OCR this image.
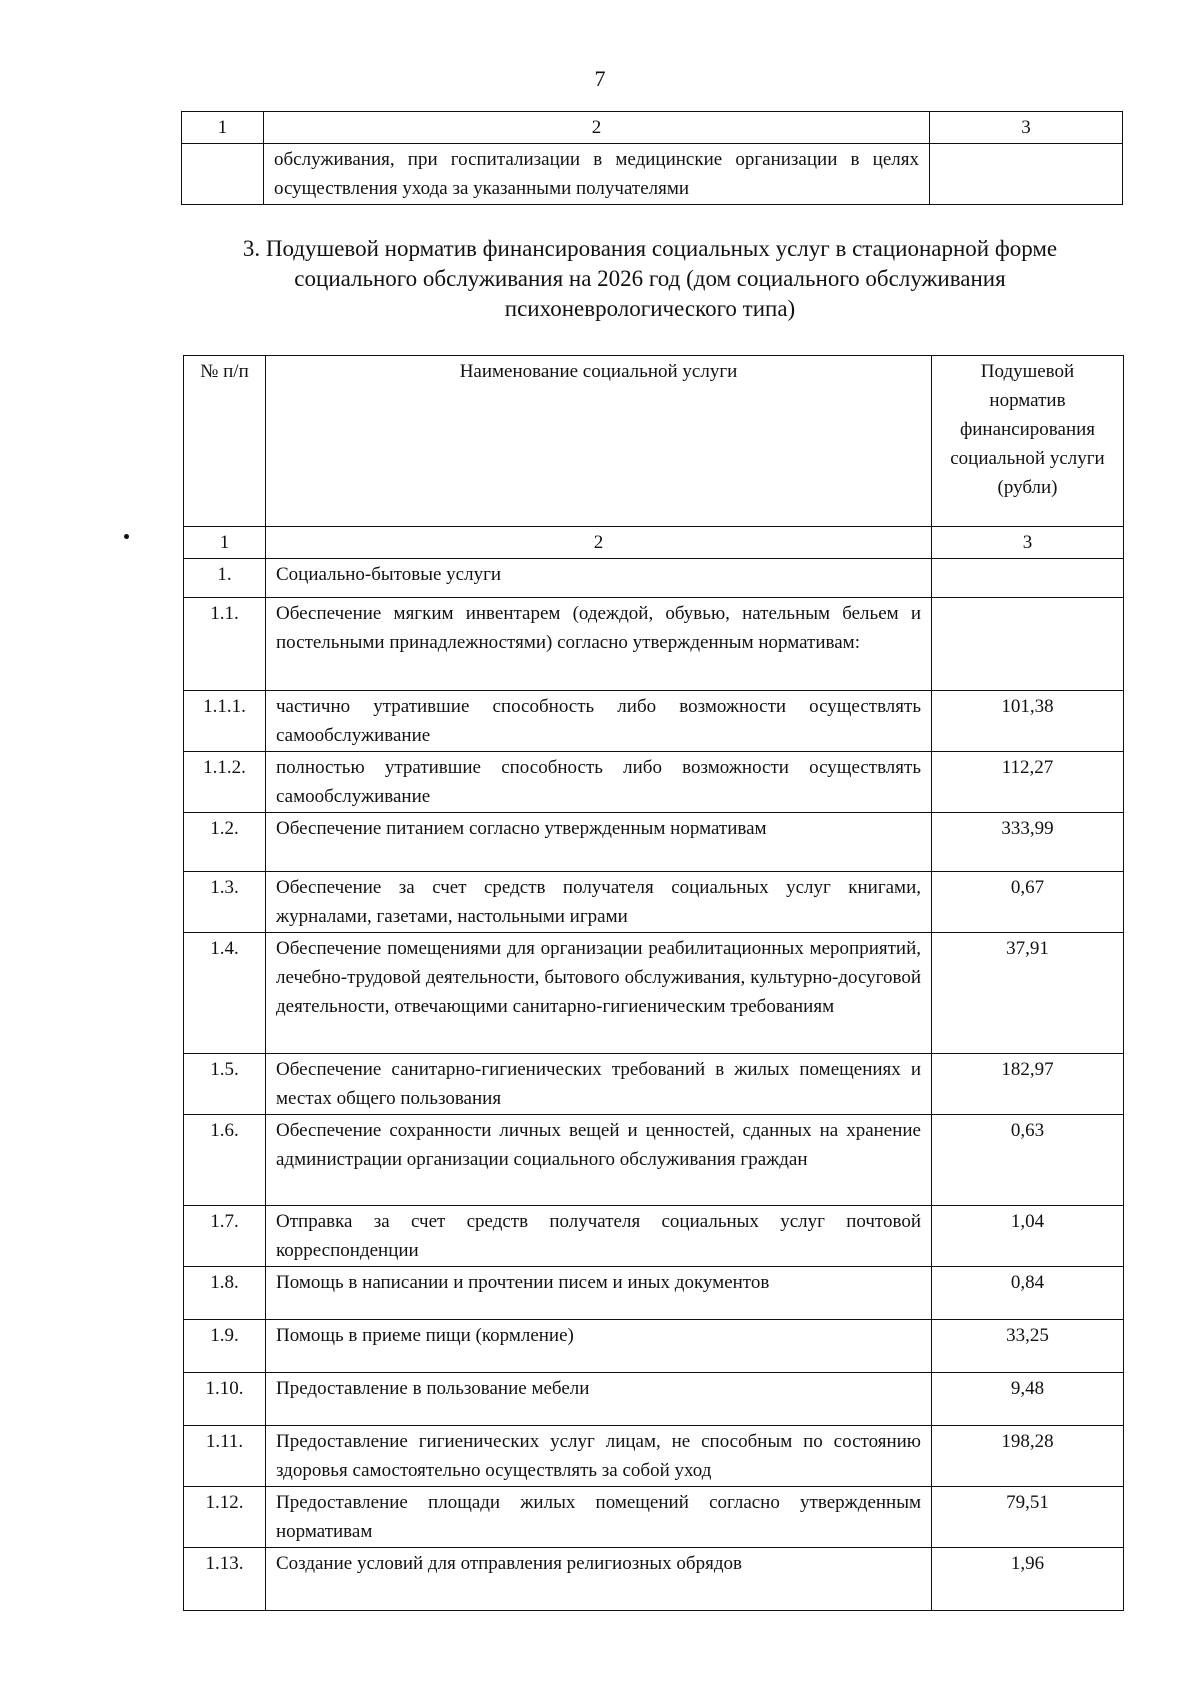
7
1	2	3
	обслуживания, при госпитализации в медицинские организации в целях осуществления ухода за указанными получателями	
3. Подушевой норматив финансирования социальных услуг в стационарной форме социального обслуживания на 2026 год (дом социального обслуживания психоневрологического типа)
№ п/п	Наименование социальной услуги	Подушевой норматив финансирования социальной услуги (рубли)
1	2	3
1.	Социально-бытовые услуги	
1.1.	Обеспечение мягким инвентарем (одеждой, обувью, нательным бельем и постельными принадлежностями) согласно утвержденным нормативам:	
1.1.1.	частично утратившие способность либо возможности осуществлять самообслуживание	101,38
1.1.2.	полностью утратившие способность либо возможности осуществлять самообслуживание	112,27
1.2.	Обеспечение питанием согласно утвержденным нормативам	333,99
1.3.	Обеспечение за счет средств получателя социальных услуг книгами, журналами, газетами, настольными играми	0,67
1.4.	Обеспечение помещениями для организации реабилитационных мероприятий, лечебно-трудовой деятельности, бытового обслуживания, культурно-досуговой деятельности, отвечающими санитарно-гигиеническим требованиям	37,91
1.5.	Обеспечение санитарно-гигиенических требований в жилых помещениях и местах общего пользования	182,97
1.6.	Обеспечение сохранности личных вещей и ценностей, сданных на хранение администрации организации социального обслуживания граждан	0,63
1.7.	Отправка за счет средств получателя социальных услуг почтовой корреспонденции	1,04
1.8.	Помощь в написании и прочтении писем и иных документов	0,84
1.9.	Помощь в приеме пищи (кормление)	33,25
1.10.	Предоставление в пользование мебели	9,48
1.11.	Предоставление гигиенических услуг лицам, не способным по состоянию здоровья самостоятельно осуществлять за собой уход	198,28
1.12.	Предоставление площади жилых помещений согласно утвержденным нормативам	79,51
1.13.	Создание условий для отправления религиозных обрядов	1,96
